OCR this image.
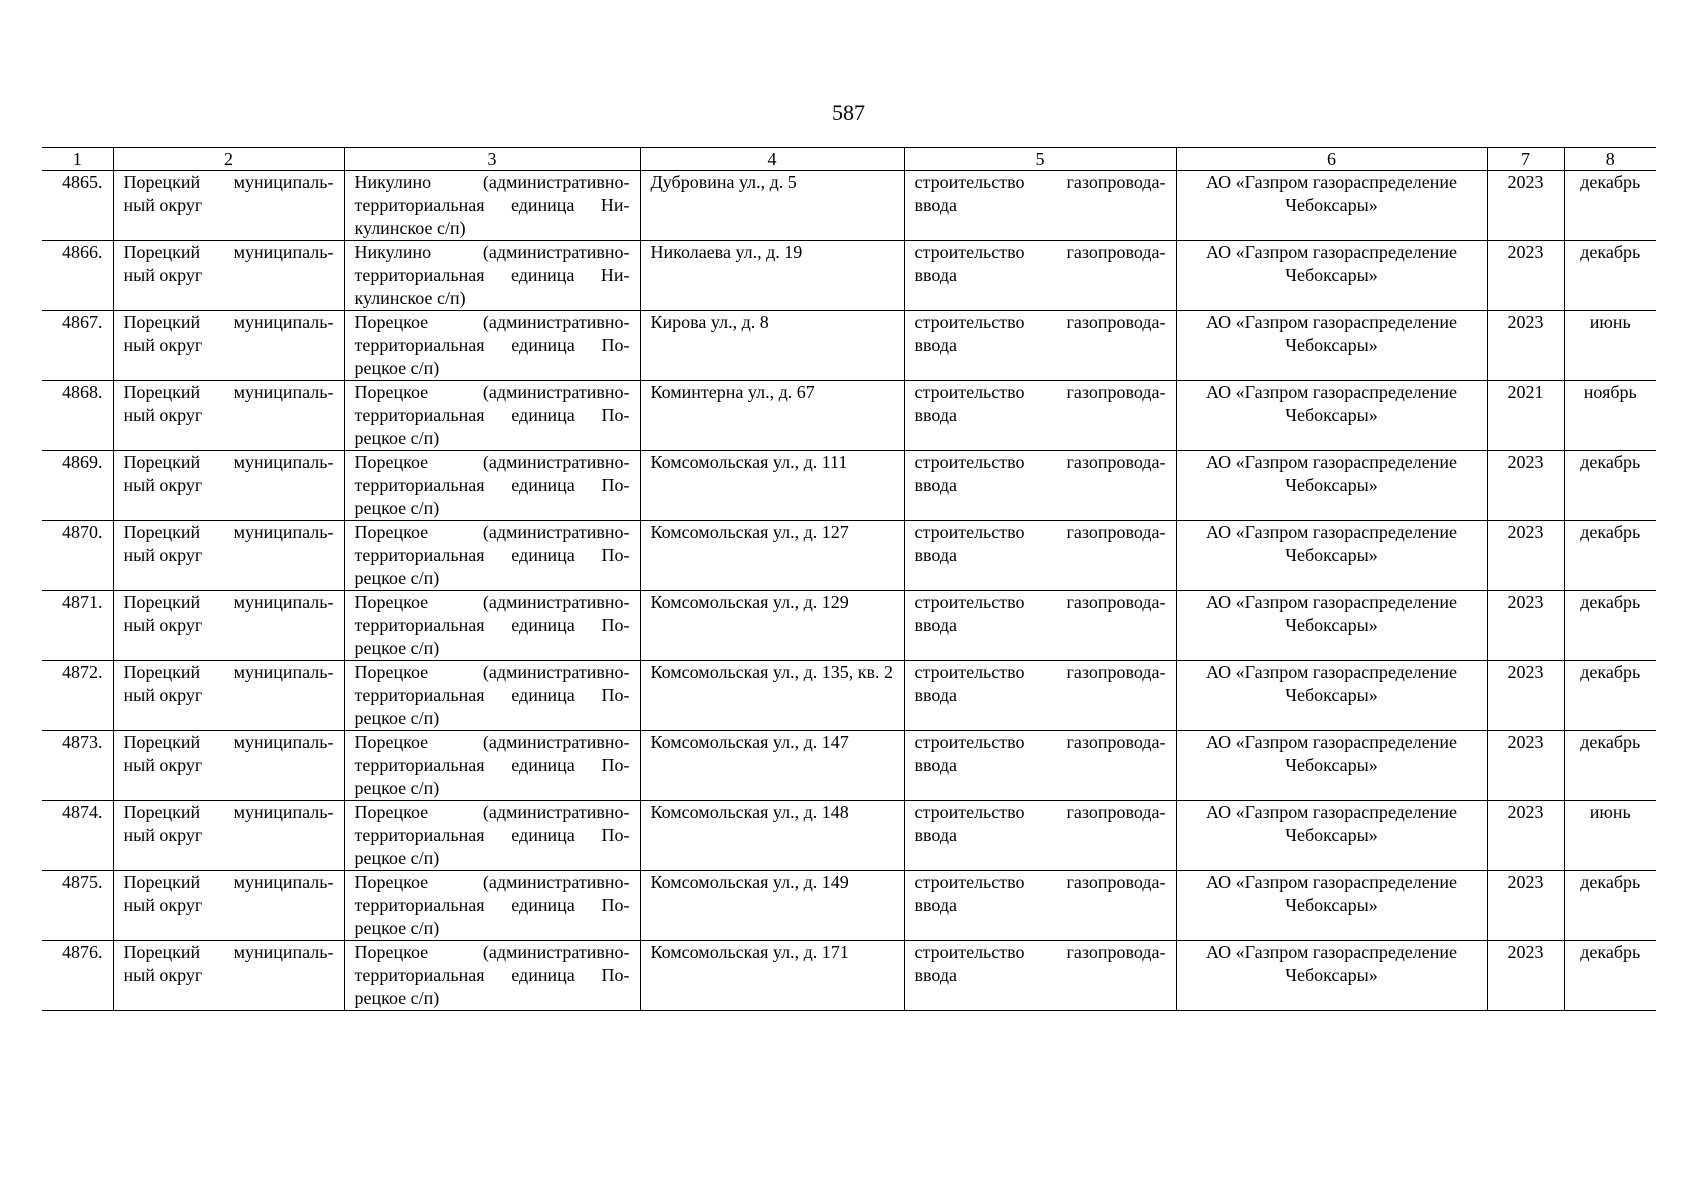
587
1	2	3	4	5	6	7	8
4865.	Порецкий муниципаль-ный округ	Никулино (административно-территориальная единица Ни-кулинское с/п)	Дубровина ул., д. 5	строительство газопровода-ввода	АО «Газпром газораспределение Чебоксары»	2023	декабрь
4866.	Порецкий муниципаль-ный округ	Никулино (административно-территориальная единица Ни-кулинское с/п)	Николаева ул., д. 19	строительство газопровода-ввода	АО «Газпром газораспределение Чебоксары»	2023	декабрь
4867.	Порецкий муниципаль-ный округ	Порецкое (административно-территориальная единица По-рецкое с/п)	Кирова ул., д. 8	строительство газопровода-ввода	АО «Газпром газораспределение Чебоксары»	2023	июнь
4868.	Порецкий муниципаль-ный округ	Порецкое (административно-территориальная единица По-рецкое с/п)	Коминтерна ул., д. 67	строительство газопровода-ввода	АО «Газпром газораспределение Чебоксары»	2021	ноябрь
4869.	Порецкий муниципаль-ный округ	Порецкое (административно-территориальная единица По-рецкое с/п)	Комсомольская ул., д. 111	строительство газопровода-ввода	АО «Газпром газораспределение Чебоксары»	2023	декабрь
4870.	Порецкий муниципаль-ный округ	Порецкое (административно-территориальная единица По-рецкое с/п)	Комсомольская ул., д. 127	строительство газопровода-ввода	АО «Газпром газораспределение Чебоксары»	2023	декабрь
4871.	Порецкий муниципаль-ный округ	Порецкое (административно-территориальная единица По-рецкое с/п)	Комсомольская ул., д. 129	строительство газопровода-ввода	АО «Газпром газораспределение Чебоксары»	2023	декабрь
4872.	Порецкий муниципаль-ный округ	Порецкое (административно-территориальная единица По-рецкое с/п)	Комсомольская ул., д. 135, кв. 2	строительство газопровода-ввода	АО «Газпром газораспределение Чебоксары»	2023	декабрь
4873.	Порецкий муниципаль-ный округ	Порецкое (административно-территориальная единица По-рецкое с/п)	Комсомольская ул., д. 147	строительство газопровода-ввода	АО «Газпром газораспределение Чебоксары»	2023	декабрь
4874.	Порецкий муниципаль-ный округ	Порецкое (административно-территориальная единица По-рецкое с/п)	Комсомольская ул., д. 148	строительство газопровода-ввода	АО «Газпром газораспределение Чебоксары»	2023	июнь
4875.	Порецкий муниципаль-ный округ	Порецкое (административно-территориальная единица По-рецкое с/п)	Комсомольская ул., д. 149	строительство газопровода-ввода	АО «Газпром газораспределение Чебоксары»	2023	декабрь
4876.	Порецкий муниципаль-ный округ	Порецкое (административно-территориальная единица По-рецкое с/п)	Комсомольская ул., д. 171	строительство газопровода-ввода	АО «Газпром газораспределение Чебоксары»	2023	декабрь
